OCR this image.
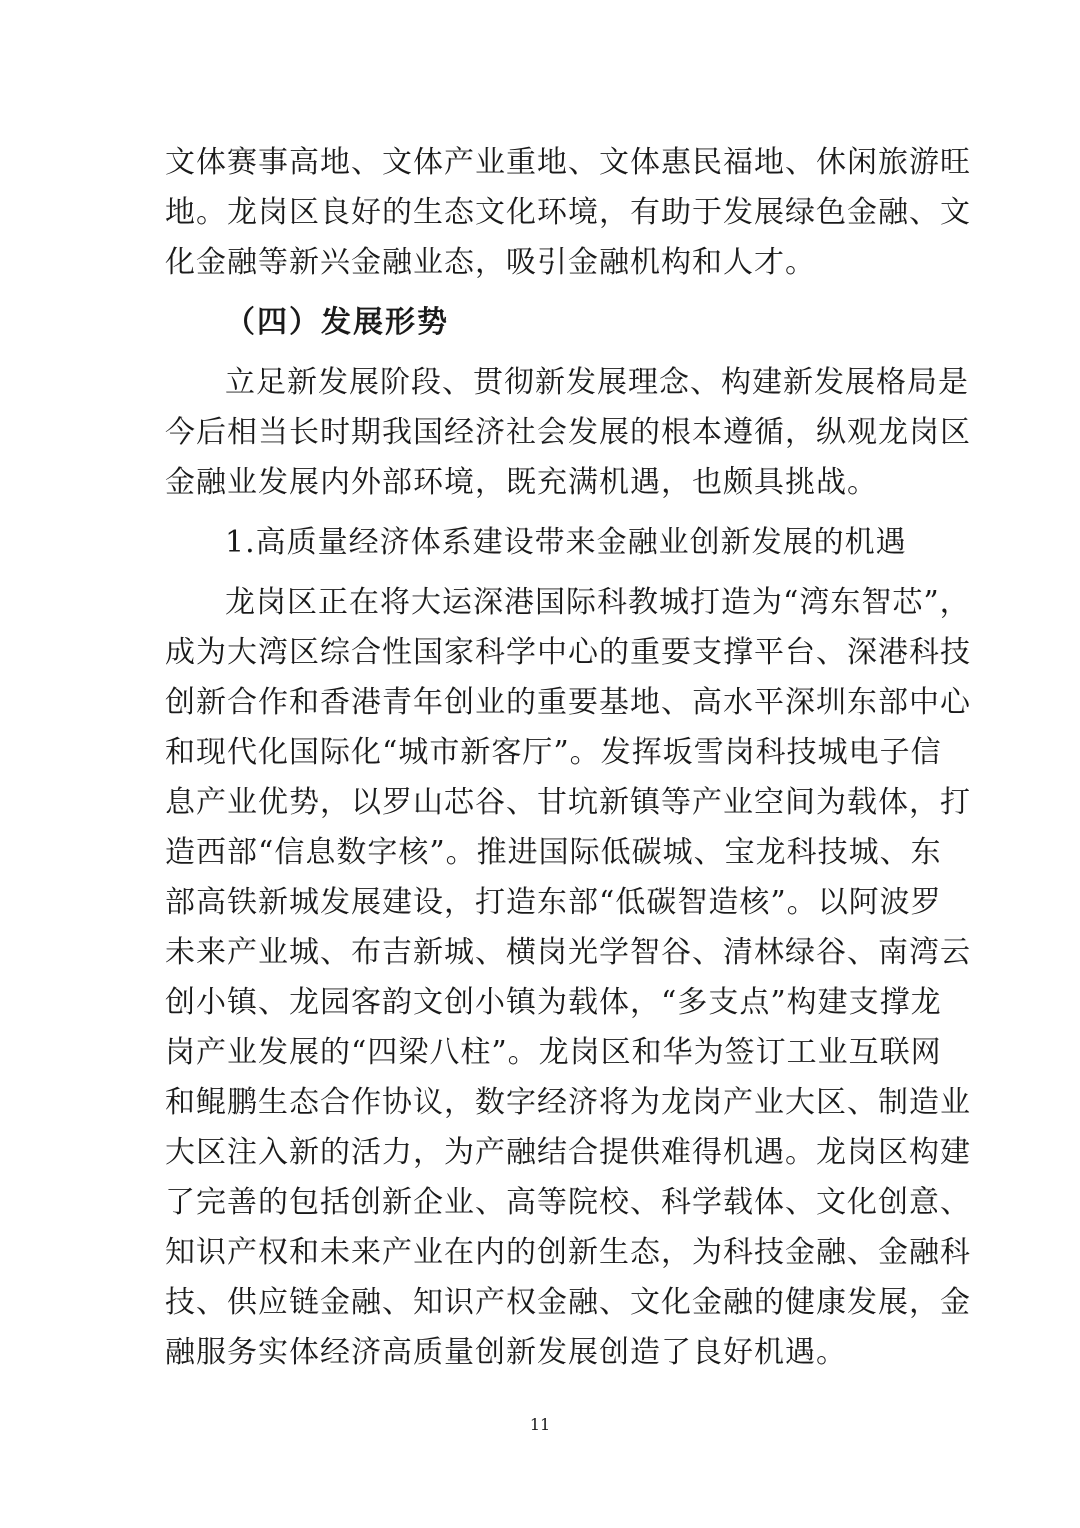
文体赛事高地、文体产业重地、文体惠民福地、休闲旅游旺
地。龙岗区良好的生态文化环境，有助于发展绿色金融、文
化金融等新兴金融业态，吸引金融机构和人才。
（四）发展形势
立足新发展阶段、贯彻新发展理念、构建新发展格局是
今后相当长时期我国经济社会发展的根本遵循，纵观龙岗区
金融业发展内外部环境，既充满机遇，也颇具挑战。
1.高质量经济体系建设带来金融业创新发展的机遇
龙岗区正在将大运深港国际科教城打造为“湾东智芯”，
成为大湾区综合性国家科学中心的重要支撑平台、深港科技
创新合作和香港青年创业的重要基地、高水平深圳东部中心
和现代化国际化“城市新客厅”。发挥坂雪岗科技城电子信
息产业优势，以罗山芯谷、甘坑新镇等产业空间为载体，打
造西部“信息数字核”。推进国际低碳城、宝龙科技城、东
部高铁新城发展建设，打造东部“低碳智造核”。以阿波罗
未来产业城、布吉新城、横岗光学智谷、清林绿谷、南湾云
创小镇、龙园客韵文创小镇为载体，“多支点”构建支撑龙
岗产业发展的“四梁八柱”。龙岗区和华为签订工业互联网
和鲲鹏生态合作协议，数字经济将为龙岗产业大区、制造业
大区注入新的活力，为产融结合提供难得机遇。龙岗区构建
了完善的包括创新企业、高等院校、科学载体、文化创意、
知识产权和未来产业在内的创新生态，为科技金融、金融科
技、供应链金融、知识产权金融、文化金融的健康发展，金
融服务实体经济高质量创新发展创造了良好机遇。
11
